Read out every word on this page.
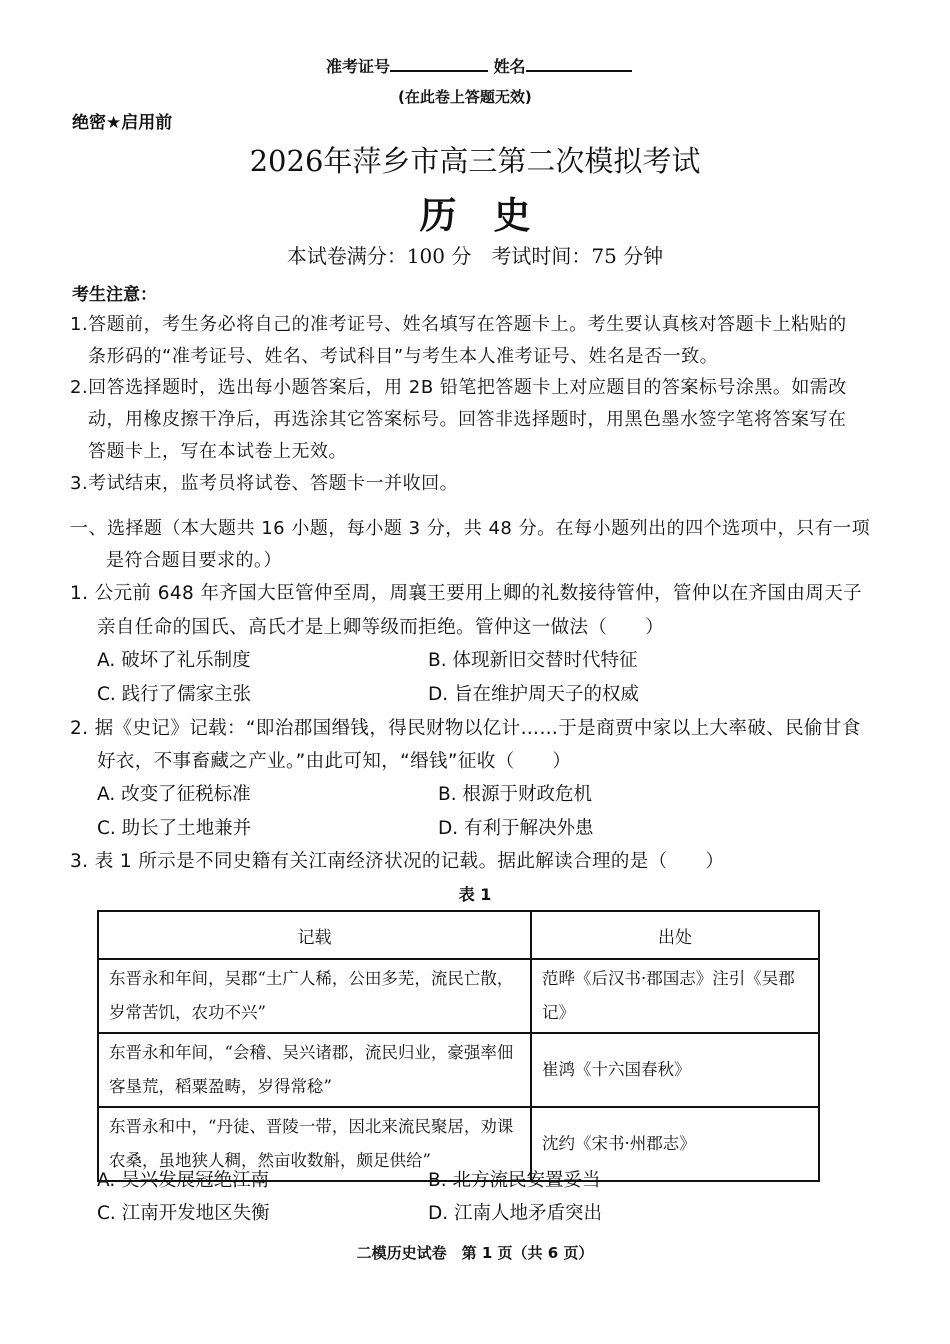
准考证号	姓名
(在此卷上答题无效)
绝密★启用前
2026年萍乡市高三第二次模拟考试
历　史
本试卷满分：100 分　考试时间：75 分钟
考生注意：
1.答题前，考生务必将自己的准考证号、姓名填写在答题卡上。考生要认真核对答题卡上粘贴的
条形码的“准考证号、姓名、考试科目”与考生本人准考证号、姓名是否一致。
2.回答选择题时，选出每小题答案后，用 2B 铅笔把答题卡上对应题目的答案标号涂黑。如需改
动，用橡皮擦干净后，再选涂其它答案标号。回答非选择题时，用黑色墨水签字笔将答案写在
答题卡上，写在本试卷上无效。
3.考试结束，监考员将试卷、答题卡一并收回。
一、选择题（本大题共 16 小题，每小题 3 分，共 48 分。在每小题列出的四个选项中，只有一项
是符合题目要求的。）
1. 公元前 648 年齐国大臣管仲至周，周襄王要用上卿的礼数接待管仲，管仲以在齐国由周天子
亲自任命的国氏、高氏才是上卿等级而拒绝。管仲这一做法（　　）
A. 破坏了礼乐制度	B. 体现新旧交替时代特征
C. 践行了儒家主张	D. 旨在维护周天子的权威
2. 据《史记》记载：“即治郡国缗钱，得民财物以亿计……于是商贾中家以上大率破、民偷甘食
好衣，不事畜藏之产业。”由此可知，“缗钱”征收（　　）
A. 改变了征税标准	B. 根源于财政危机
C. 助长了土地兼并	D. 有利于解决外患
3. 表 1 所示是不同史籍有关江南经济状况的记载。据此解读合理的是（　　）
表 1
记载	出处
东晋永和年间，吴郡“土广人稀，公田多芜，流民亡散，岁常苦饥，农功不兴”	范晔《后汉书·郡国志》注引《吴郡记》
东晋永和年间，“会稽、吴兴诸郡，流民归业，豪强率佃客垦荒，稻粟盈畴，岁得常稔”	崔鸿《十六国春秋》
东晋永和中，“丹徒、晋陵一带，因北来流民聚居，劝课农桑，虽地狭人稠，然亩收数斛，颇足供给”	沈约《宋书·州郡志》
A. 吴兴发展冠绝江南	B. 北方流民安置妥当
C. 江南开发地区失衡	D. 江南人地矛盾突出
二模历史试卷　第 1 页（共 6 页）
